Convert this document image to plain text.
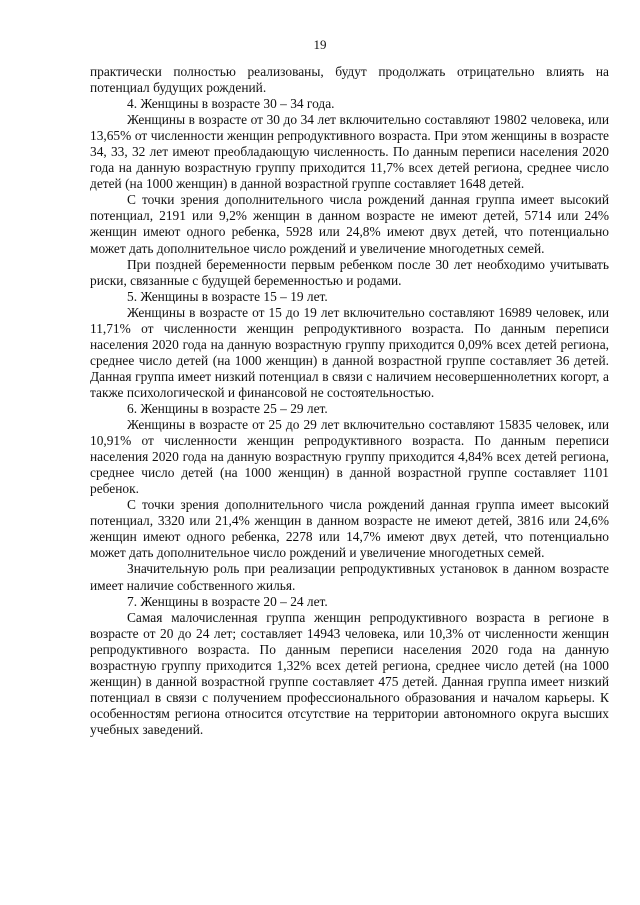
19

практически полностью реализованы, будут продолжать отрицательно влиять на потенциал будущих рождений.

4. Женщины в возрасте 30 – 34 года.

Женщины в возрасте от 30 до 34 лет включительно составляют 19802 человека, или 13,65% от численности женщин репродуктивного возраста. При этом женщины в возрасте 34, 33, 32 лет имеют преобладающую численность. По данным переписи населения 2020 года на данную возрастную группу приходится 11,7% всех детей региона, среднее число детей (на 1000 женщин) в данной возрастной группе составляет 1648 детей.

С точки зрения дополнительного числа рождений данная группа имеет высокий потенциал, 2191 или 9,2% женщин в данном возрасте не имеют детей, 5714 или 24% женщин имеют одного ребенка, 5928 или 24,8% имеют двух детей, что потенциально может дать дополнительное число рождений и увеличение многодетных семей.

При поздней беременности первым ребенком после 30 лет необходимо учитывать риски, связанные с будущей беременностью и родами.

5. Женщины в возрасте 15 – 19 лет.

Женщины в возрасте от 15 до 19 лет включительно составляют 16989 человек, или 11,71% от численности женщин репродуктивного возраста. По данным переписи населения 2020 года на данную возрастную группу приходится 0,09% всех детей региона, среднее число детей (на 1000 женщин) в данной возрастной группе составляет 36 детей. Данная группа имеет низкий потенциал в связи с наличием несовершеннолетних когорт, а также психологической и финансовой не состоятельностью.

6. Женщины в возрасте 25 – 29 лет.

Женщины в возрасте от 25 до 29 лет включительно составляют 15835 человек, или 10,91% от численности женщин репродуктивного возраста. По данным переписи населения 2020 года на данную возрастную группу приходится 4,84% всех детей региона, среднее число детей (на 1000 женщин) в данной возрастной группе составляет 1101 ребенок.

С точки зрения дополнительного числа рождений данная группа имеет высокий потенциал, 3320 или 21,4% женщин в данном возрасте не имеют детей, 3816 или 24,6% женщин имеют одного ребенка, 2278 или 14,7% имеют двух детей, что потенциально может дать дополнительное число рождений и увеличение многодетных семей.

Значительную роль при реализации репродуктивных установок в данном возрасте имеет наличие собственного жилья.

7. Женщины в возрасте 20 – 24 лет.

Самая малочисленная группа женщин репродуктивного возраста в регионе в возрасте от 20 до 24 лет; составляет 14943 человека, или 10,3% от численности женщин репродуктивного возраста. По данным переписи населения 2020 года на данную возрастную группу приходится 1,32% всех детей региона, среднее число детей (на 1000 женщин) в данной возрастной группе составляет 475 детей. Данная группа имеет низкий потенциал в связи с получением профессионального образования и началом карьеры. К особенностям региона относится отсутствие на территории автономного округа высших учебных заведений.
